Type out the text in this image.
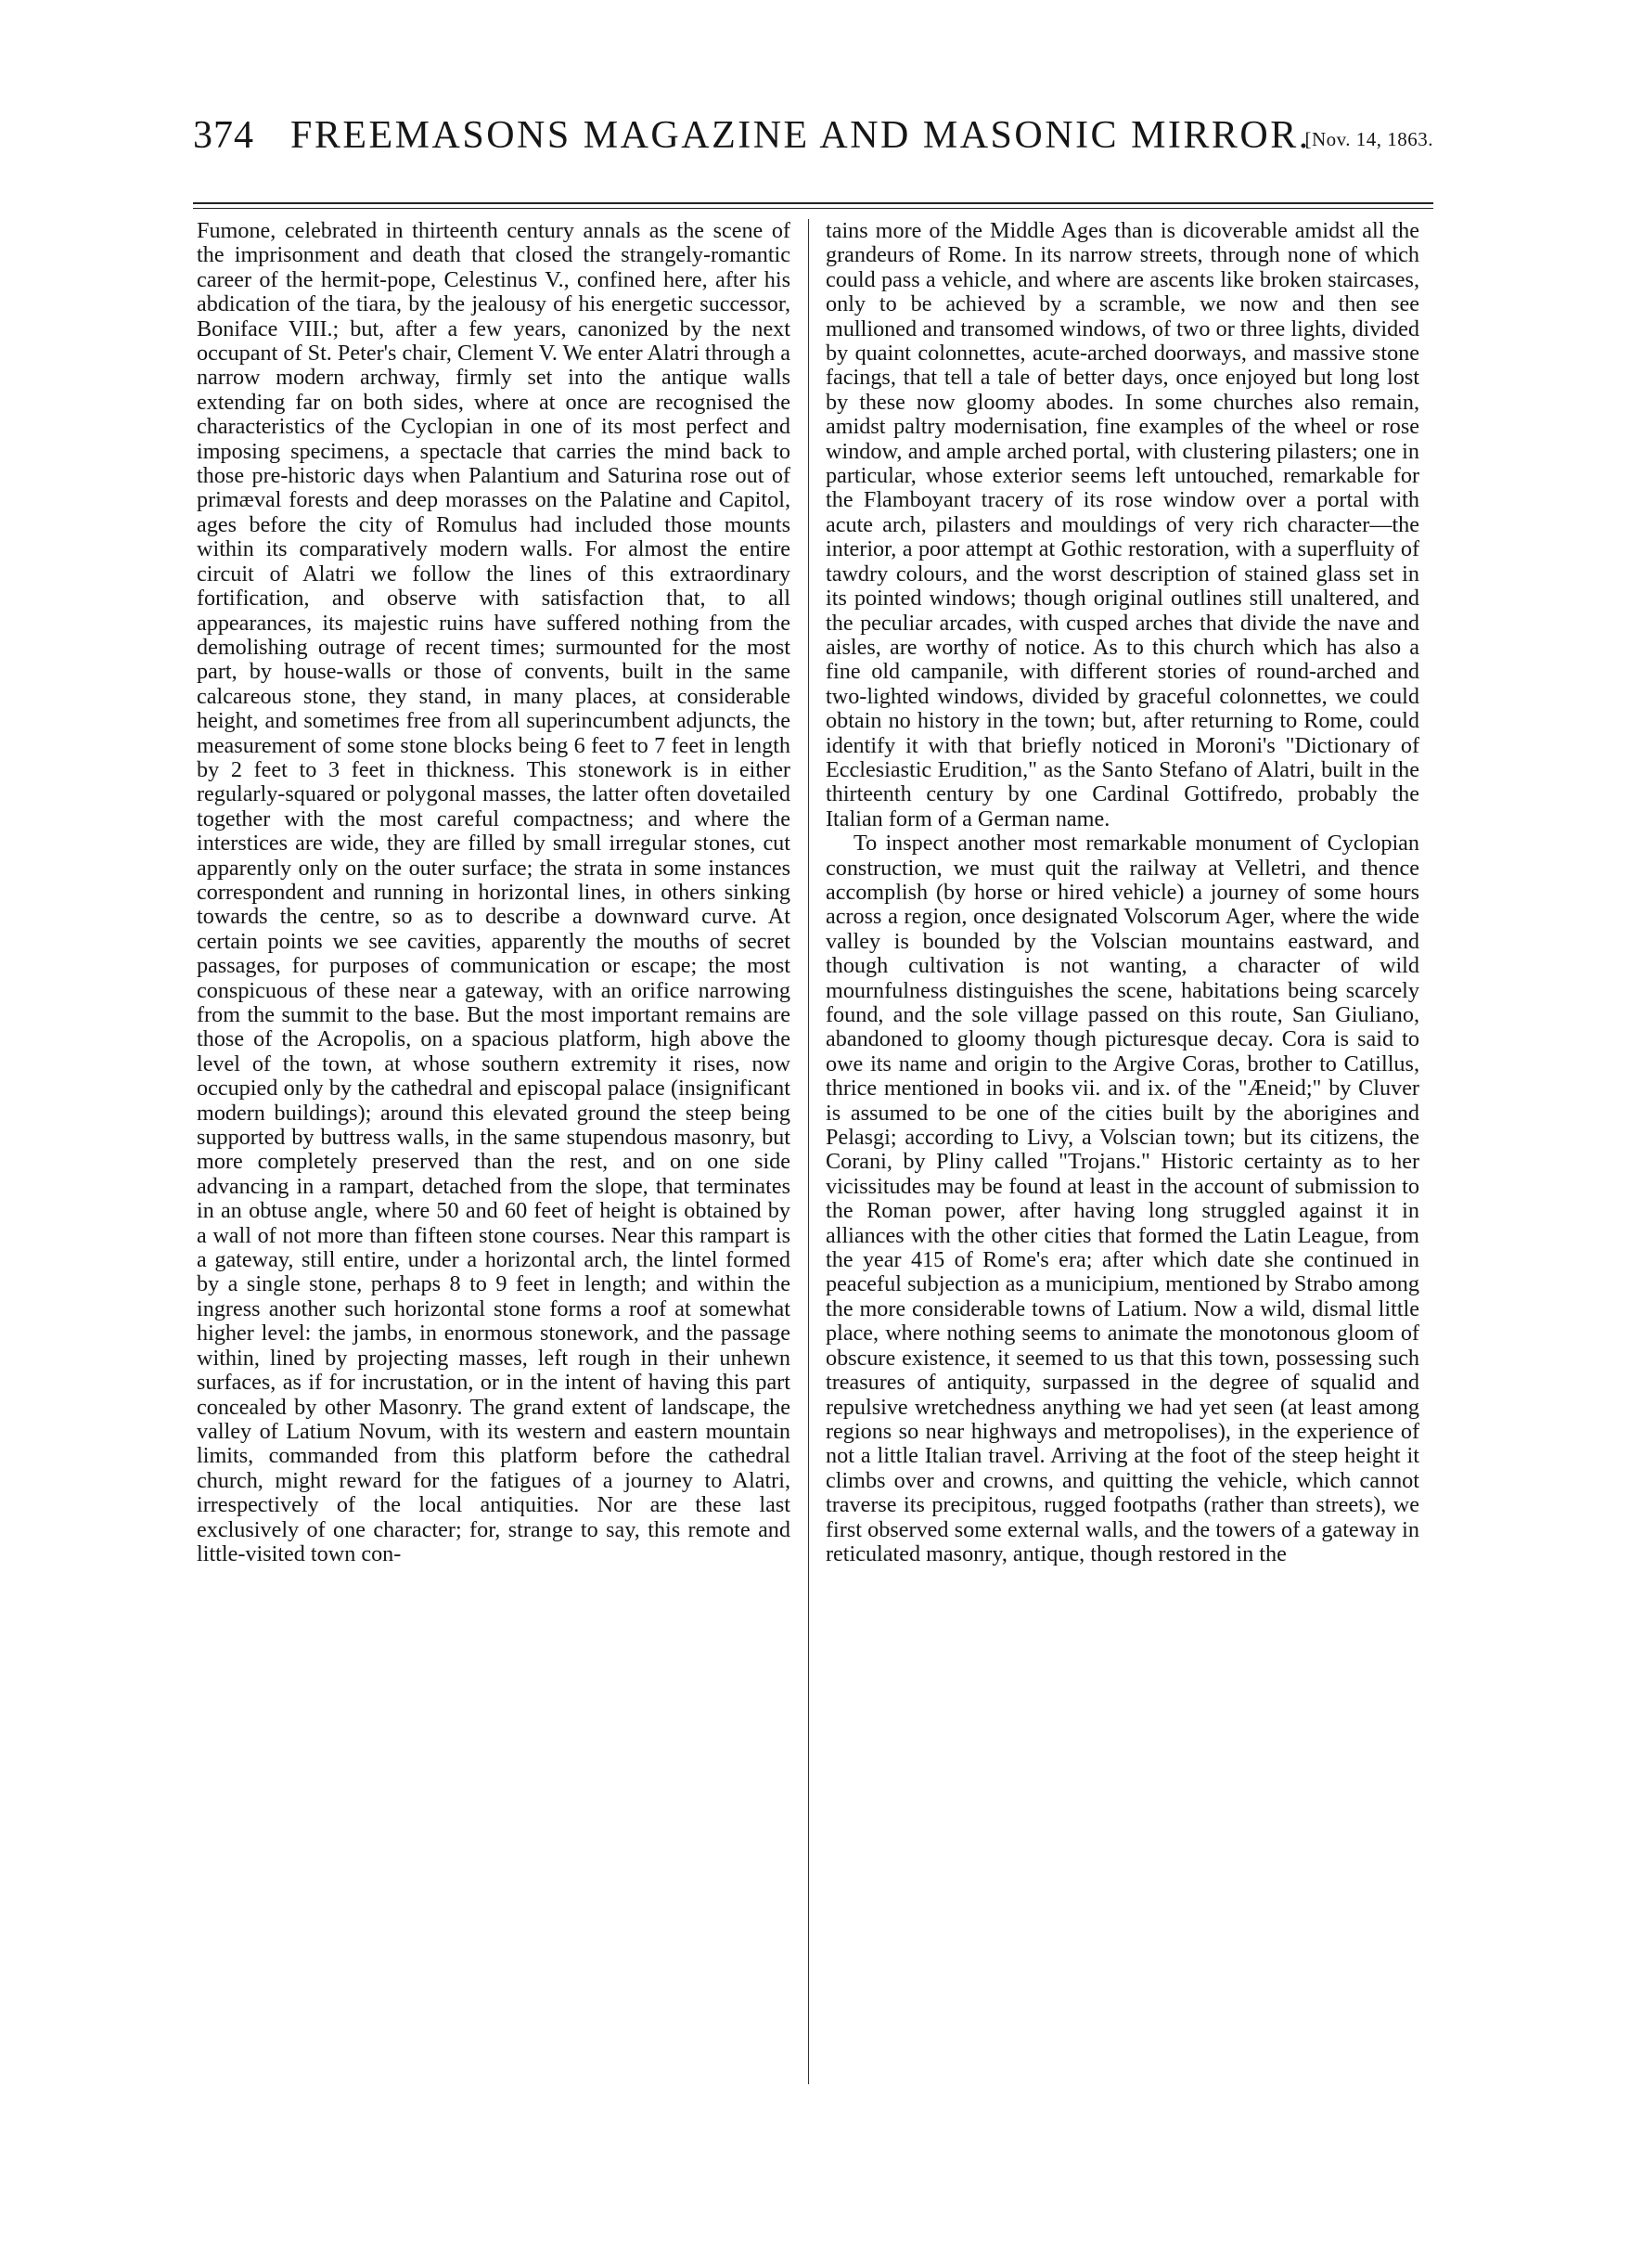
374 FREEMASONS MAGAZINE AND MASONIC MIRROR.
[Nov. 14, 1863.

Fumone, celebrated in thirteenth century annals as the scene of the imprisonment and death that closed the strangely-romantic career of the hermit-pope, Celestinus V., confined here, after his abdication of the tiara, by the jealousy of his energetic successor, Boniface VIII.; but, after a few years, canonized by the next occupant of St. Peter's chair, Clement V. We enter Alatri through a narrow modern archway, firmly set into the antique walls extending far on both sides, where at once are recognised the characteristics of the Cyclopian in one of its most perfect and imposing specimens, a spectacle that carries the mind back to those pre-historic days when Palantium and Saturina rose out of primæval forests and deep morasses on the Palatine and Capitol, ages before the city of Romulus had included those mounts within its comparatively modern walls. For almost the entire circuit of Alatri we follow the lines of this extraordinary fortification, and observe with satisfaction that, to all appearances, its majestic ruins have suffered nothing from the demolishing outrage of recent times; surmounted for the most part, by house-walls or those of convents, built in the same calcareous stone, they stand, in many places, at considerable height, and sometimes free from all superincumbent adjuncts, the measurement of some stone blocks being 6 feet to 7 feet in length by 2 feet to 3 feet in thickness. This stonework is in either regularly-squared or polygonal masses, the latter often dovetailed together with the most careful compactness; and where the interstices are wide, they are filled by small irregular stones, cut apparently only on the outer surface; the strata in some instances correspondent and running in horizontal lines, in others sinking towards the centre, so as to describe a downward curve. At certain points we see cavities, apparently the mouths of secret passages, for purposes of communication or escape; the most conspicuous of these near a gateway, with an orifice narrowing from the summit to the base. But the most important remains are those of the Acropolis, on a spacious platform, high above the level of the town, at whose southern extremity it rises, now occupied only by the cathedral and episcopal palace (insignificant modern buildings); around this elevated ground the steep being supported by buttress walls, in the same stupendous masonry, but more completely preserved than the rest, and on one side advancing in a rampart, detached from the slope, that terminates in an obtuse angle, where 50 and 60 feet of height is obtained by a wall of not more than fifteen stone courses. Near this rampart is a gateway, still entire, under a horizontal arch, the lintel formed by a single stone, perhaps 8 to 9 feet in length; and within the ingress another such horizontal stone forms a roof at somewhat higher level: the jambs, in enormous stonework, and the passage within, lined by projecting masses, left rough in their unhewn surfaces, as if for incrustation, or in the intent of having this part concealed by other Masonry. The grand extent of landscape, the valley of Latium Novum, with its western and eastern mountain limits, commanded from this platform before the cathedral church, might reward for the fatigues of a journey to Alatri, irrespectively of the local antiquities. Nor are these last exclusively of one character; for, strange to say, this remote and little-visited town con-

tains more of the Middle Ages than is dicoverable amidst all the grandeurs of Rome. In its narrow streets, through none of which could pass a vehicle, and where are ascents like broken staircases, only to be achieved by a scramble, we now and then see mullioned and transomed windows, of two or three lights, divided by quaint colonnettes, acute-arched doorways, and massive stone facings, that tell a tale of better days, once enjoyed but long lost by these now gloomy abodes. In some churches also remain, amidst paltry modernisation, fine examples of the wheel or rose window, and ample arched portal, with clustering pilasters; one in particular, whose exterior seems left untouched, remarkable for the Flamboyant tracery of its rose window over a portal with acute arch, pilasters and mouldings of very rich character—the interior, a poor attempt at Gothic restoration, with a superfluity of tawdry colours, and the worst description of stained glass set in its pointed windows; though original outlines still unaltered, and the peculiar arcades, with cusped arches that divide the nave and aisles, are worthy of notice. As to this church which has also a fine old campanile, with different stories of round-arched and two-lighted windows, divided by graceful colonnettes, we could obtain no history in the town; but, after returning to Rome, could identify it with that briefly noticed in Moroni's "Dictionary of Ecclesiastic Erudition," as the Santo Stefano of Alatri, built in the thirteenth century by one Cardinal Gottifredo, probably the Italian form of a German name.

To inspect another most remarkable monument of Cyclopian construction, we must quit the railway at Velletri, and thence accomplish (by horse or hired vehicle) a journey of some hours across a region, once designated Volscorum Ager, where the wide valley is bounded by the Volscian mountains eastward, and though cultivation is not wanting, a character of wild mournfulness distinguishes the scene, habitations being scarcely found, and the sole village passed on this route, San Giuliano, abandoned to gloomy though picturesque decay. Cora is said to owe its name and origin to the Argive Coras, brother to Catillus, thrice mentioned in books vii. and ix. of the "Æneid;" by Cluver is assumed to be one of the cities built by the aborigines and Pelasgi; according to Livy, a Volscian town; but its citizens, the Corani, by Pliny called "Trojans." Historic certainty as to her vicissitudes may be found at least in the account of submission to the Roman power, after having long struggled against it in alliances with the other cities that formed the Latin League, from the year 415 of Rome's era; after which date she continued in peaceful subjection as a municipium, mentioned by Strabo among the more considerable towns of Latium. Now a wild, dismal little place, where nothing seems to animate the monotonous gloom of obscure existence, it seemed to us that this town, possessing such treasures of antiquity, surpassed in the degree of squalid and repulsive wretchedness anything we had yet seen (at least among regions so near highways and metropolises), in the experience of not a little Italian travel. Arriving at the foot of the steep height it climbs over and crowns, and quitting the vehicle, which cannot traverse its precipitous, rugged footpaths (rather than streets), we first observed some external walls, and the towers of a gateway in reticulated masonry, antique, though restored in the
